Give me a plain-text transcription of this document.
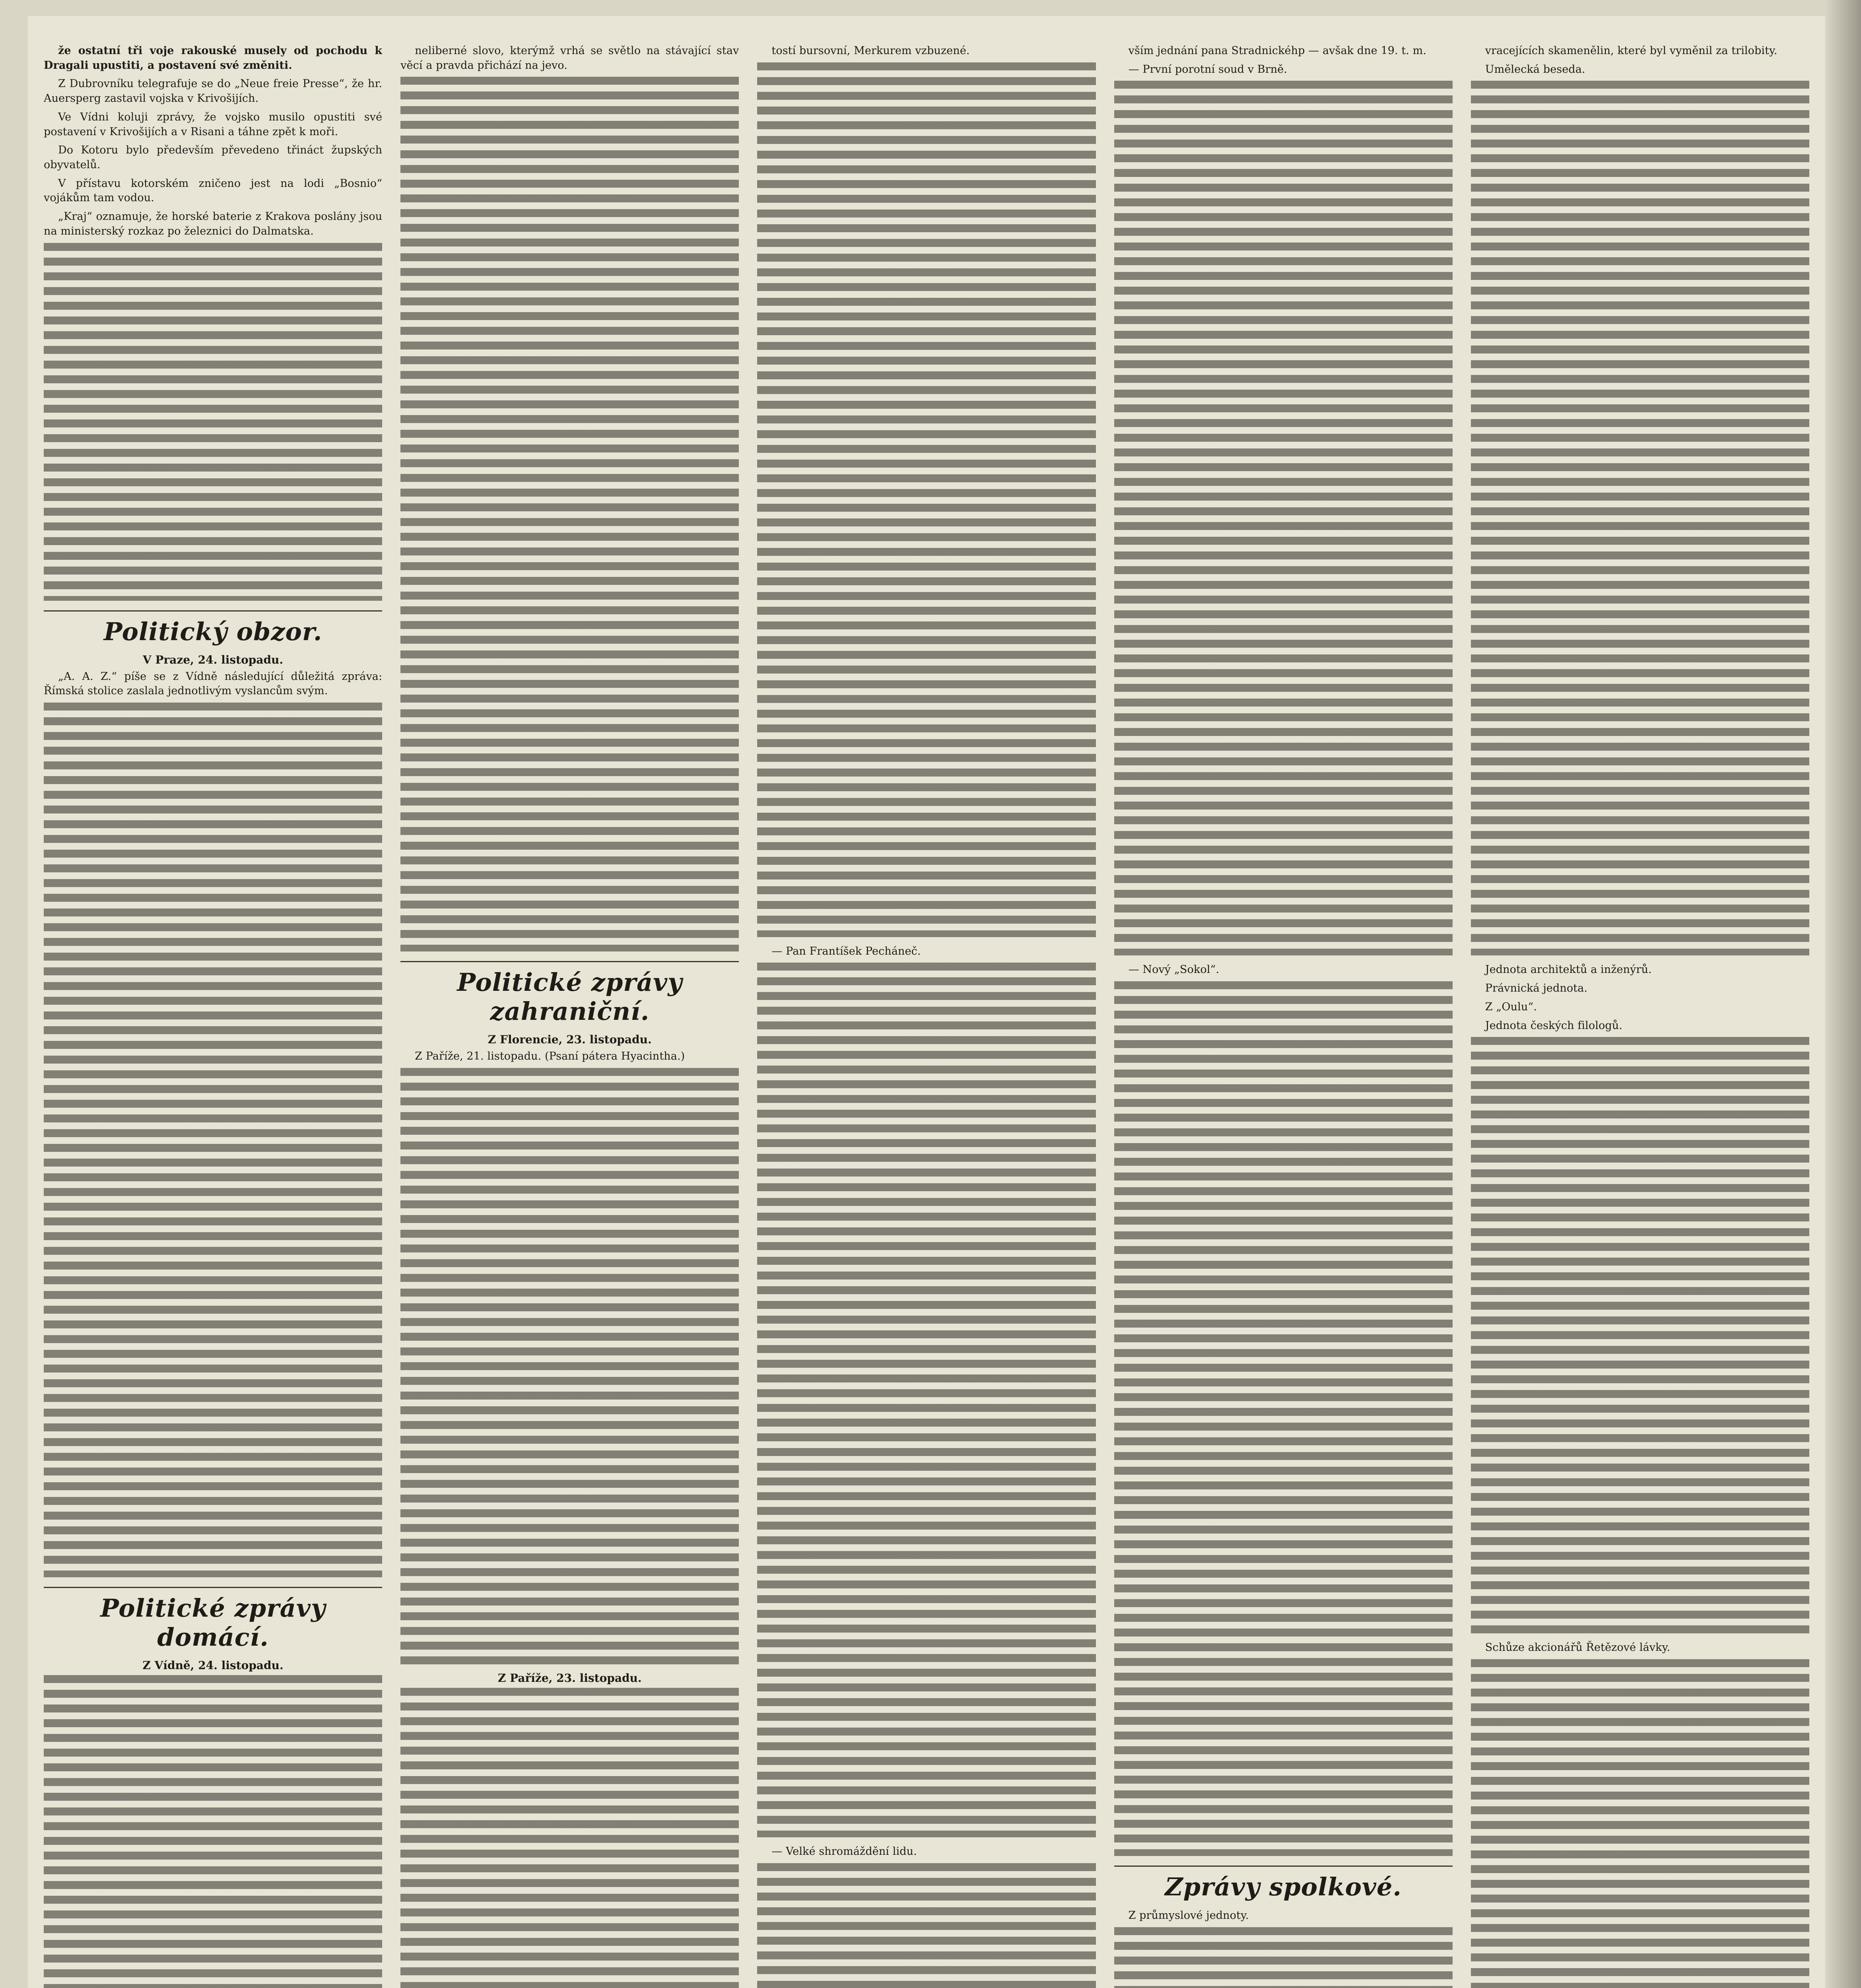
že ostatní tři voje rakouské musely od pochodu k Dragali upustiti, a postavení své změniti.

Z Dubrovníku telegrafuje se do „Neue freie Presse“, že hr. Auersperg zastavil vojska v Krivošijích.

Ve Vídni koluji zprávy, že vojsko musilo opustiti své postavení v Krivošijích a v Risani a táhne zpět k moři.

Do Kotoru bylo především převedeno třináct župských obyvatelů.

V přístavu kotorském zničeno jest na lodi „Bosnio“ vojákům tam vodou.

„Kraj“ oznamuje, že horské baterie z Krakova poslány jsou na ministerský rozkaz po železnici do Dalmatska.

Politický obzor.
V Praze, 24. listopadu.

„A. A. Z.“ píše se z Vídně následující důležitá zpráva: Římská stolice zaslala jednotlivým vyslancům svým.

Politické zprávy domácí.
Z Vídně, 24. listopadu.

neliberné slovo, kterýmž vrhá se světlo na stávající stav věcí a pravda přichází na jevo.

Politické zprávy zahraniční.
Z Florencie, 23. listopadu.

Z Paříže, 21. listopadu. (Psaní pátera Hyacintha.)

Z Paříže, 23. listopadu.

tostí bursovní, Merkurem vzbuzené.

— Pan Frantíšek Pecháneč.

— Velké shromáždění lidu.

vším jednání pana Stradnickéhp — avšak dne 19. t. m.

— První porotní soud v Brně.

— Nový „Sokol“.

Zprávy spolkové.

Z průmyslové jednoty.

vracejících skamenělin, které byl vyměnil za trilobity.

Umělecká beseda.

Jednota architektů a inženýrů.

Právnická jednota.

Z „Oulu“.

Jednota českých filologů.

Schůze akcionářů Řetězové lávky.
